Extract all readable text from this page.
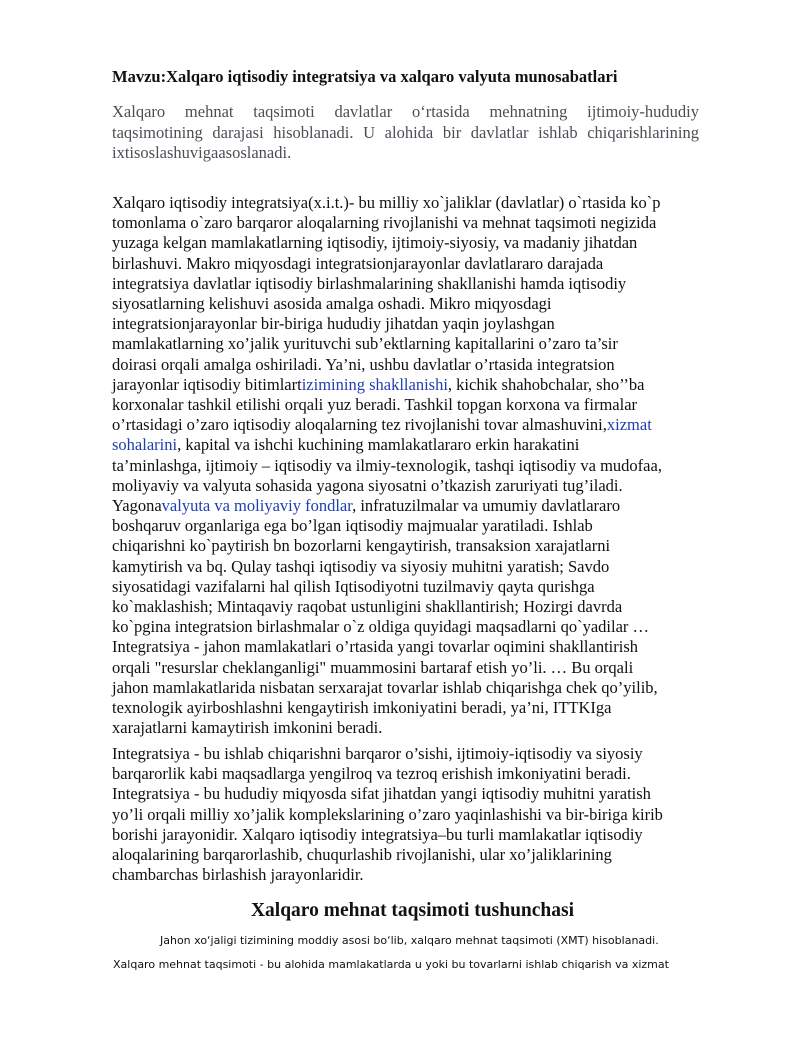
Mavzu:Xalqaro iqtisodiy integratsiya va xalqaro valyuta munosabatlari

Xalqaro mehnat taqsimoti davlatlar o‘rtasida mehnatning ijtimoiy-hududiy taqsimotining darajasi hisoblanadi. U alohida bir davlatlar ishlab chiqarishlarining ixtisoslashuvigaasoslanadi.

Xalqaro iqtisodiy integratsiya(x.i.t.)- bu milliy xo`jaliklar (davlatlar) o`rtasida ko`p
tomonlama o`zaro barqaror aloqalarning rivojlanishi va mehnat taqsimoti negizida
yuzaga kelgan mamlakatlarning iqtisodiy, ijtimoiy-siyosiy, va madaniy jihatdan
birlashuvi. Makro miqyosdagi integratsionjarayonlar davlatlararo darajada
integratsiya davlatlar iqtisodiy birlashmalarining shakllanishi hamda iqtisodiy
siyosatlarning kelishuvi asosida amalga oshadi. Mikro miqyosdagi
integratsionjarayonlar bir-biriga hududiy jihatdan yaqin joylashgan
mamlakatlarning xo’jalik yurituvchi sub’ektlarning kapitallarini o’zaro ta’sir
doirasi orqali amalga oshiriladi. Ya’ni, ushbu davlatlar o’rtasida integratsion
jarayonlar iqtisodiy bitimlartizimining shakllanishi, kichik shahobchalar, sho’’ba
korxonalar tashkil etilishi orqali yuz beradi. Tashkil topgan korxona va firmalar
o’rtasidagi o’zaro iqtisodiy aloqalarning tez rivojlanishi tovar almashuvini,xizmat
sohalarini, kapital va ishchi kuchining mamlakatlararo erkin harakatini
ta’minlashga, ijtimoiy – iqtisodiy va ilmiy-texnologik, tashqi iqtisodiy va mudofaa,
moliyaviy va valyuta sohasida yagona siyosatni o’tkazish zaruriyati tug’iladi.
Yagonavalyuta va moliyaviy fondlar, infratuzilmalar va umumiy davlatlararo
boshqaruv organlariga ega bo’lgan iqtisodiy majmualar yaratiladi. Ishlab
chiqarishni ko`paytirish bn bozorlarni kengaytirish, transaksion xarajatlarni
kamytirish va bq. Qulay tashqi iqtisodiy va siyosiy muhitni yaratish; Savdo
siyosatidagi vazifalarni hal qilish Iqtisodiyotni tuzilmaviy qayta qurishga
ko`maklashish; Mintaqaviy raqobat ustunligini shakllantirish; Hozirgi davrda
ko`pgina integratsion birlashmalar o`z oldiga quyidagi maqsadlarni qo`yadilar …
Integratsiya - jahon mamlakatlari o’rtasida yangi tovarlar oqimini shakllantirish
orqali "resurslar cheklanganligi" muammosini bartaraf etish yo’li. … Bu orqali
jahon mamlakatlarida nisbatan serxarajat tovarlar ishlab chiqarishga chek qo’yilib,
texnologik ayirboshlashni kengaytirish imkoniyatini beradi, ya’ni, ITTKIga
xarajatlarni kamaytirish imkonini beradi.
Integratsiya - bu ishlab chiqarishni barqaror o’sishi, ijtimoiy-iqtisodiy va siyosiy
barqarorlik kabi maqsadlarga yengilroq va tezroq erishish imkoniyatini beradi.
Integratsiya - bu hududiy miqyosda sifat jihatdan yangi iqtisodiy muhitni yaratish
yo’li orqali milliy xo’jalik komplekslarining o’zaro yaqinlashishi va bir-biriga kirib
borishi jarayonidir. Xalqaro iqtisodiy integratsiya–bu turli mamlakatlar iqtisodiy
aloqalarining barqarorlashib, chuqurlashib rivojlanishi, ular xo’jaliklarining
chambarchas birlashish jarayonlaridir.
Xalqaro mehnat taqsimoti tushunchasi

Jahon xo‘jaligi tizimining moddiy asosi bo‘lib, xalqaro mehnat taqsimoti (XMT) hisoblanadi.

Xalqaro mehnat taqsimoti - bu alohida mamlakatlarda u yoki bu tovarlarni ishlab chiqarish va xizmat
